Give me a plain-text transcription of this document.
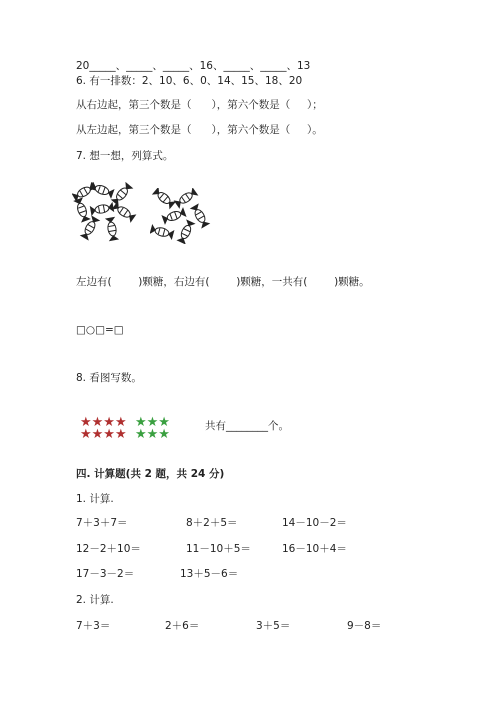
20_____、_____、_____、16、_____、_____、13
6. 有一排数：2、10、6、0、14、15、18、20
从右边起，第三个数是（      ），第六个数是（     ）；
从左边起，第三个数是（      ），第六个数是（     ）。
7. 想一想，列算式。
左边有(        )颗糖，右边有(        )颗糖，一共有(        )颗糖。
□○□=□
8. 看图写数。
★★★★
★★★★
★★★
★★★
共有________个。
四. 计算题(共 2 题，共 24 分)
1. 计算.
7＋3＋7＝	8＋2＋5＝	14－10－2＝
12－2＋10＝	11－10＋5＝	16－10＋4＝
17－3－2＝	13＋5－6＝
2. 计算.
7＋3＝	2＋6＝	3＋5＝	9－8＝
